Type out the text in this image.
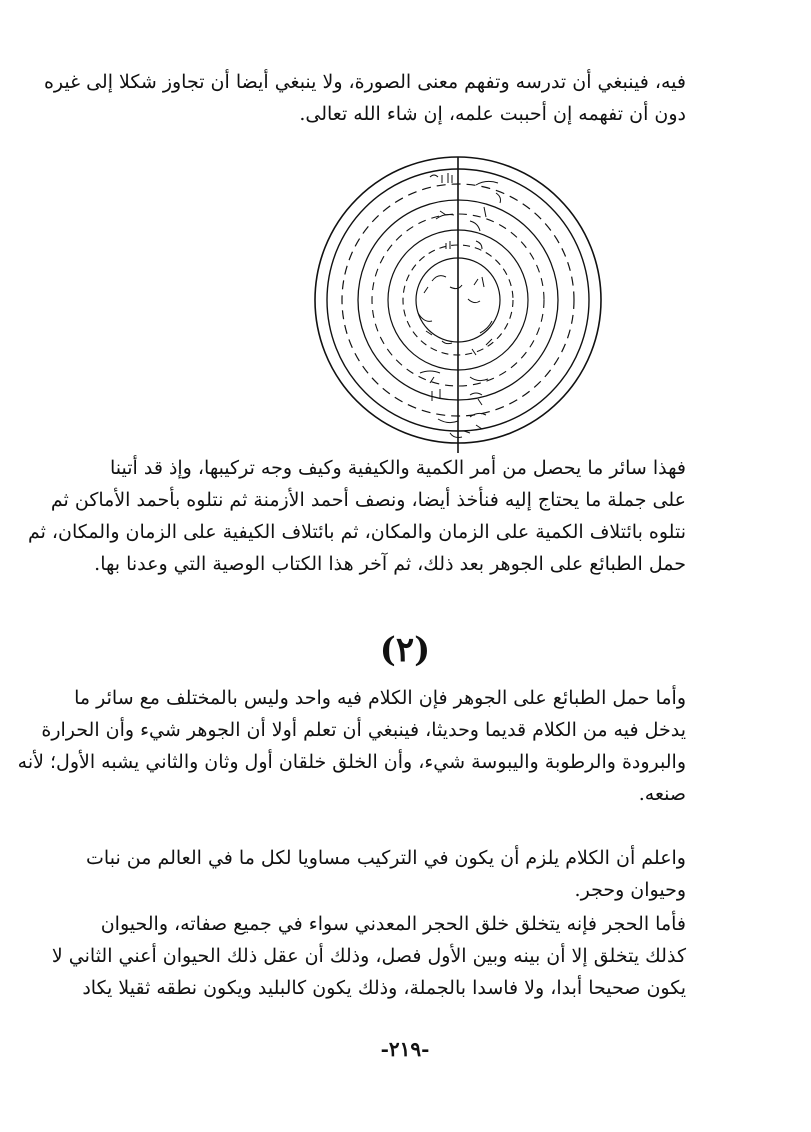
فيه، فينبغي أن تدرسه وتفهم معنى الصورة، ولا ينبغي أيضا أن تجاوز شكلا إلى غيره
دون أن تفهمه إن أحببت علمه، إن شاء الله تعالى.
فهذا سائر ما يحصل من أمر الكمية والكيفية وكيف وجه تركيبها، وإذ قد أتينا
على جملة ما يحتاج إليه فنأخذ أيضا، ونصف أحمد الأزمنة ثم نتلوه بأحمد الأماكن ثم
نتلوه بائتلاف الكمية على الزمان والمكان، ثم بائتلاف الكيفية على الزمان والمكان، ثم
حمل الطبائع على الجوهر بعد ذلك، ثم آخر هذا الكتاب الوصية التي وعدنا بها.
(٢)
وأما حمل الطبائع على الجوهر فإن الكلام فيه واحد وليس بالمختلف مع سائر ما
يدخل فيه من الكلام قديما وحديثا، فينبغي أن تعلم أولا أن الجوهر شيء وأن الحرارة
والبرودة والرطوبة واليبوسة شيء، وأن الخلق خلقان أول وثان والثاني يشبه الأول؛ لأنه
صنعه.
واعلم أن الكلام يلزم أن يكون في التركيب مساويا لكل ما في العالم من نبات
وحيوان وحجر.
فأما الحجر فإنه يتخلق خلق الحجر المعدني سواء في جميع صفاته، والحيوان
كذلك يتخلق إلا أن بينه وبين الأول فصل، وذلك أن عقل ذلك الحيوان أعني الثاني لا
يكون صحيحا أبدا، ولا فاسدا بالجملة، وذلك يكون كالبليد ويكون نطقه ثقيلا يكاد
-٢١٩-
